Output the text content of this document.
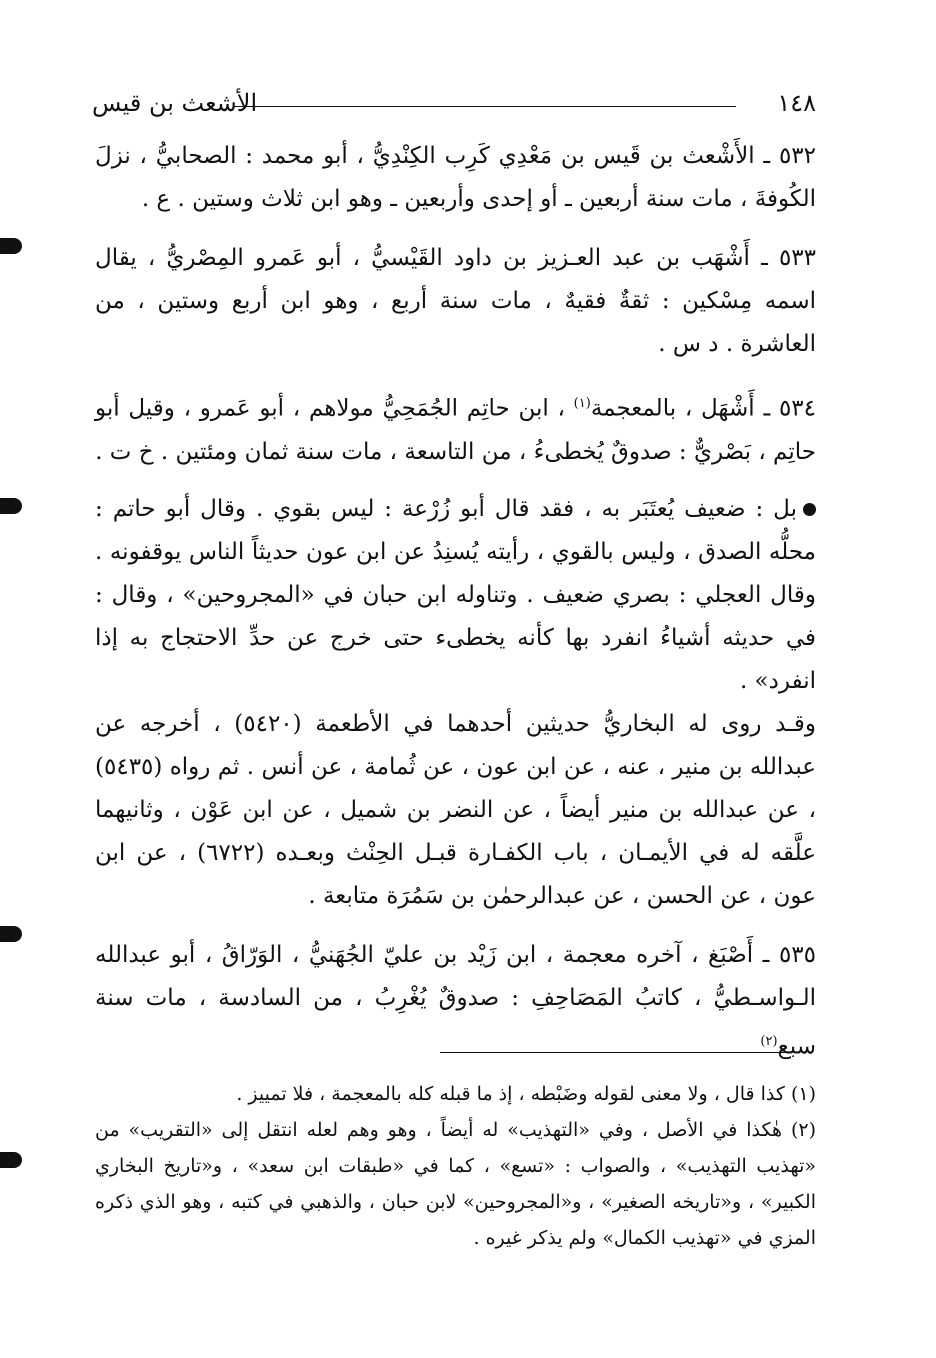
١٤٨
الأشعث بن قيس

٥٣٢ ـ الأَشْعث بن قَيس بن مَعْدِي كَرِب الكِنْدِيُّ ، أبو محمد : الصحابيُّ ، نزلَ الكُوفةَ ، مات سنة أربعين ـ أو إحدى وأربعين ـ وهو ابن ثلاث وستين . ع .

٥٣٣ ـ أَشْهَب بن عبد العـزيز بن داود القَيْسيُّ ، أبو عَمرو المِصْريُّ ، يقال اسمه مِسْكين : ثقةٌ فقيهٌ ، مات سنة أربع ، وهو ابن أربع وستين ، من العاشرة . د س .

٥٣٤ ـ أَشْهَل ، بالمعجمة$^{(١)}$ ، ابن حاتِم الجُمَحِيُّ مولاهم ، أبو عَمرو ، وقيل أبو حاتِم ، بَصْريٌّ : صدوقٌ يُخطىءُ ، من التاسعة ، مات سنة ثمان ومئتين . خ ت .

بل : ضعيف يُعتَبَر به ، فقد قال أبو زُرْعة : ليس بقوي . وقال أبو حاتم : محلُّه الصدق ، وليس بالقوي ، رأيته يُسنِدُ عن ابن عون حديثاً الناس يوقفونه . وقال العجلي : بصري ضعيف . وتناوله ابن حبان في «المجروحين» ، وقال : في حديثه أشياءُ انفرد بها كأنه يخطىء حتى خرج عن حدِّ الاحتجاج به إذا انفرد» .

وقـد روى له البخاريُّ حديثين أحدهما في الأطعمة (٥٤٢٠) ، أخرجه عن عبدالله بن منير ، عنه ، عن ابن عون ، عن ثُمامة ، عن أنس . ثم رواه (٥٤٣٥) ، عن عبدالله بن منير أيضاً ، عن النضر بن شميل ، عن ابن عَوْن ، وثانيهما علَّقه له في الأيمـان ، باب الكفـارة قبـل الحِنْث وبعـده (٦٧٢٢) ، عن ابن عون ، عن الحسن ، عن عبدالرحمٰن بن سَمُرَة متابعة .

٥٣٥ ـ أَصْبَغ ، آخره معجمة ، ابن زَيْد بن عليّ الجُهَنيُّ ، الوَرّاقُ ، أبو عبدالله الـواسـطيُّ ، كاتبُ المَصَاحِفِ : صدوقٌ يُغْرِبُ ، من السادسة ، مات سنة سبع$^{(٢)}$

(١) كذا قال ، ولا معنى لقوله وضَبْطه ، إذ ما قبله كله بالمعجمة ، فلا تمييز .

(٢) هٰكذا في الأصل ، وفي «التهذيب» له أيضاً ، وهو وهم لعله انتقل إلى «التقريب» من «تهذيب التهذيب» ، والصواب : «تسع» ، كما في «طبقات ابن سعد» ، و«تاريخ البخاري الكبير» ، و«تاريخه الصغير» ، و«المجروحين» لابن حبان ، والذهبي في كتبه ، وهو الذي ذكره المزي في «تهذيب الكمال» ولم يذكر غيره .
